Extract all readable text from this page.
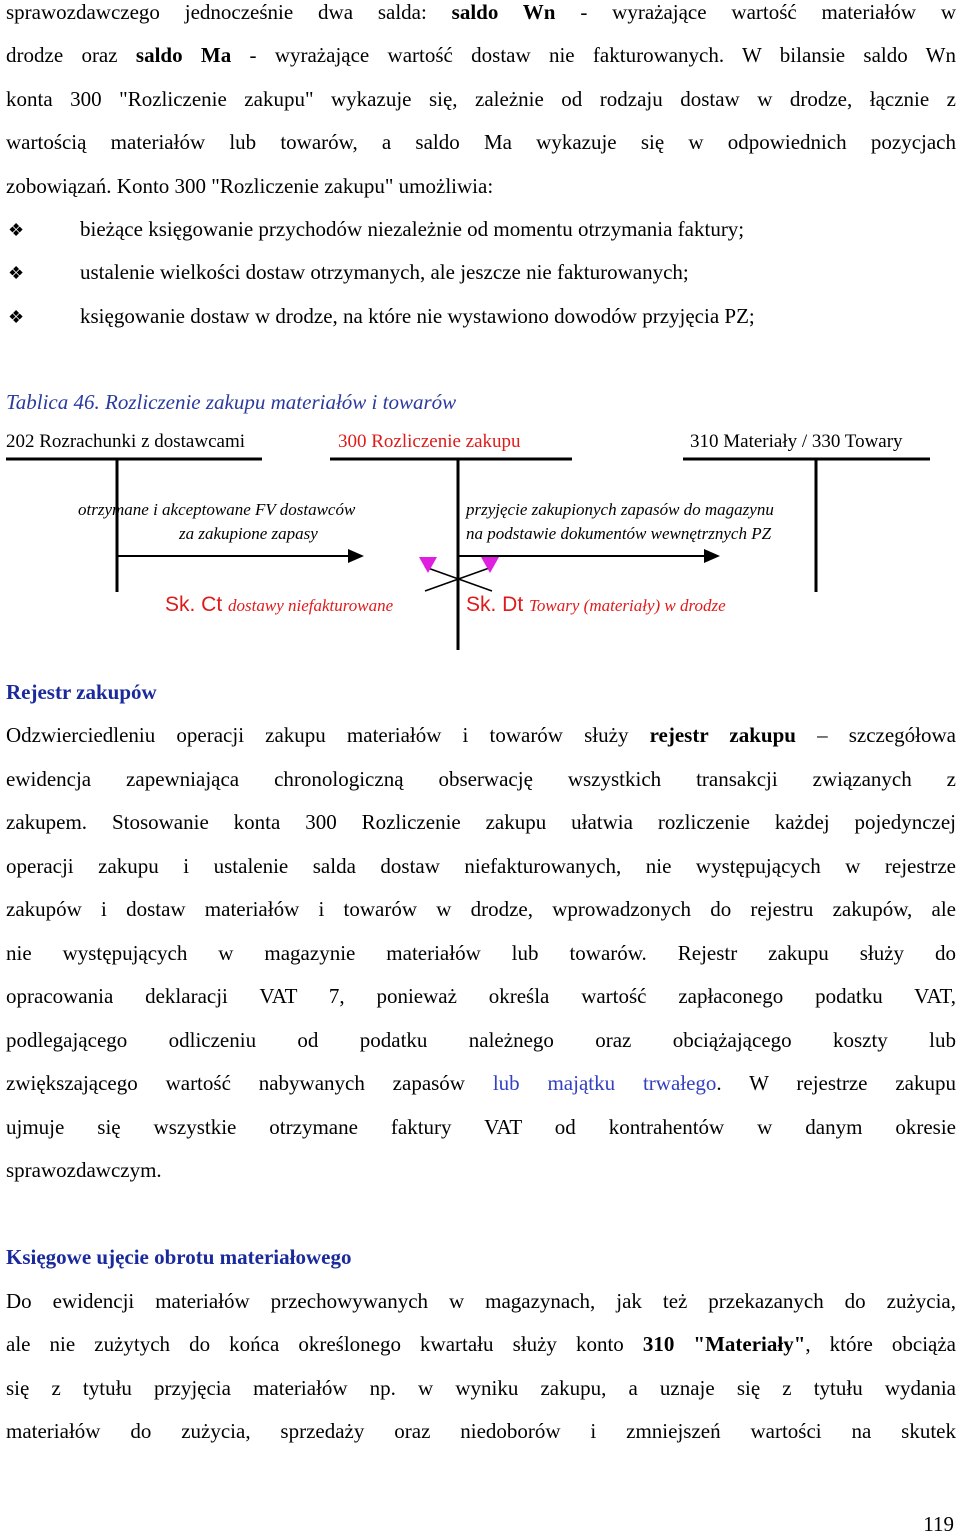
sprawozdawczego jednocześnie dwa salda: saldo Wn - wyrażające wartość materiałów w
drodze oraz saldo Ma - wyrażające wartość dostaw nie fakturowanych. W bilansie saldo Wn
konta 300 "Rozliczenie zakupu" wykazuje się, zależnie od rodzaju dostaw w drodze, łącznie z
wartością materiałów lub towarów, a saldo Ma wykazuje się w odpowiednich pozycjach
zobowiązań. Konto 300 "Rozliczenie zakupu" umożliwia:
❖	bieżące księgowanie przychodów niezależnie od momentu otrzymania faktury;
❖	ustalenie wielkości dostaw otrzymanych, ale jeszcze nie fakturowanych;
❖	księgowanie dostaw w drodze, na które nie wystawiono dowodów przyjęcia PZ;
Tablica 46. Rozliczenie zakupu materiałów i towarów
202 Rozrachunki z dostawcami	300 Rozliczenie zakupu	310 Materiały / 330 Towary
otrzymane i akceptowane FV dostawców
za zakupione zapasy
przyjęcie zakupionych zapasów do magazynu
na podstawie dokumentów wewnętrznych PZ
Sk. Ct dostawy niefakturowane	Sk. Dt Towary (materiały) w drodze
Rejestr zakupów
Odzwierciedleniu operacji zakupu materiałów i towarów służy rejestr zakupu – szczegółowa
ewidencja zapewniająca chronologiczną obserwację wszystkich transakcji związanych z
zakupem. Stosowanie konta 300 Rozliczenie zakupu ułatwia rozliczenie każdej pojedynczej
operacji zakupu i ustalenie salda dostaw niefakturowanych, nie występujących w rejestrze
zakupów i dostaw materiałów i towarów w drodze, wprowadzonych do rejestru zakupów, ale
nie występujących w magazynie materiałów lub towarów. Rejestr zakupu służy do
opracowania deklaracji VAT 7, ponieważ określa wartość zapłaconego podatku VAT,
podlegającego odliczeniu od podatku należnego oraz obciążającego koszty lub
zwiększającego wartość nabywanych zapasów lub majątku trwałego. W rejestrze zakupu
ujmuje się wszystkie otrzymane faktury VAT od kontrahentów w danym okresie
sprawozdawczym.
Księgowe ujęcie obrotu materiałowego
Do ewidencji materiałów przechowywanych w magazynach, jak też przekazanych do zużycia,
ale nie zużytych do końca określonego kwartału służy konto 310 "Materiały", które obciąża
się z tytułu przyjęcia materiałów np. w wyniku zakupu, a uznaje się z tytułu wydania
materiałów do zużycia, sprzedaży oraz niedoborów i zmniejszeń wartości na skutek
119
